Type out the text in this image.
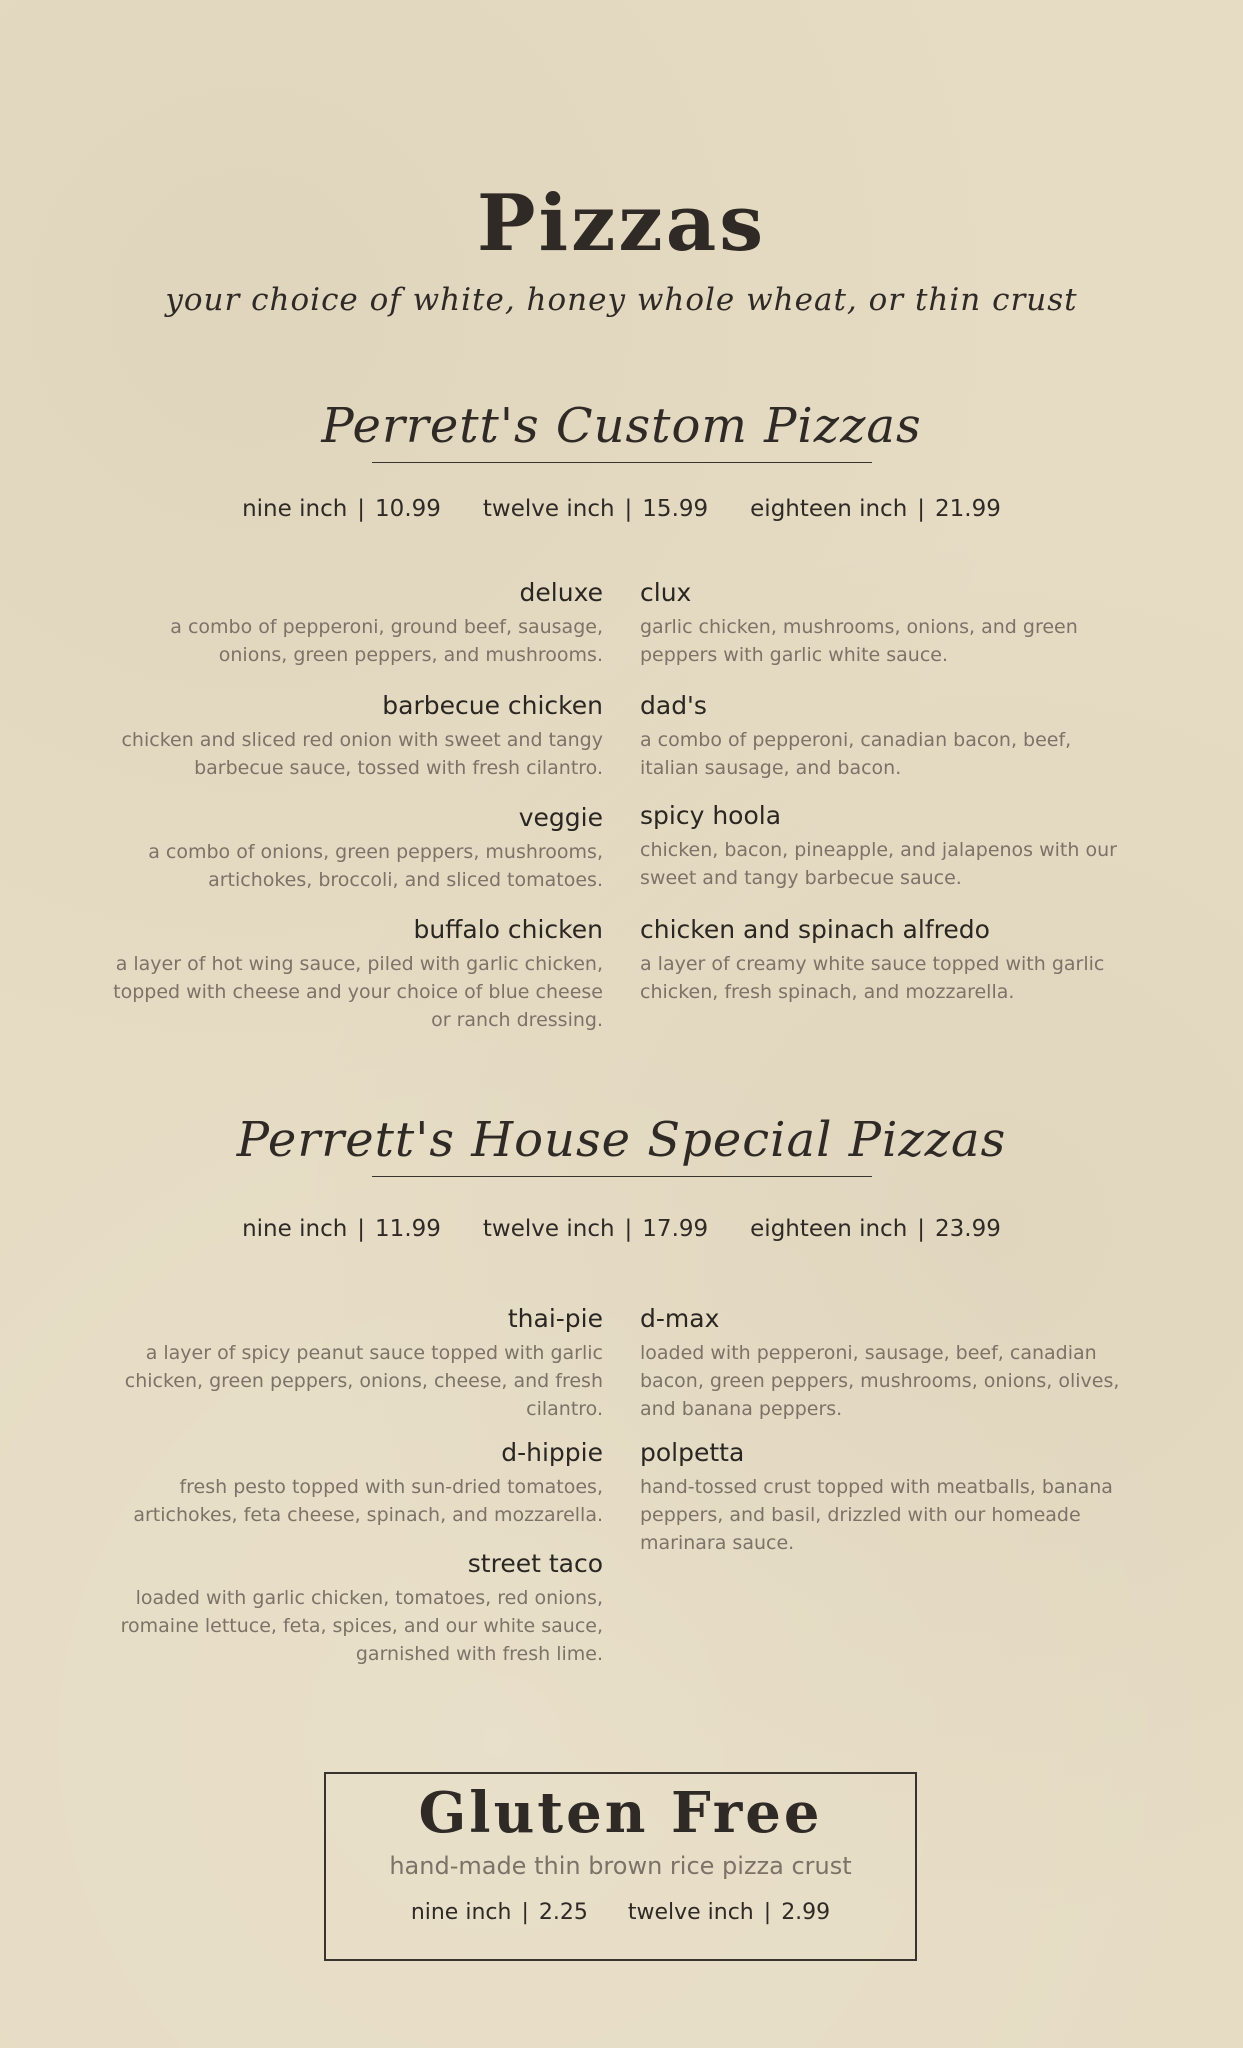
Pizzas
your choice of white, honey whole wheat, or thin crust
Perrett's Custom Pizzas
nine inch | 10.99 twelve inch | 15.99 eighteen inch | 21.99
deluxe
a combo of pepperoni, ground beef, sausage, onions, green peppers, and mushrooms.
barbecue chicken
chicken and sliced red onion with sweet and tangy barbecue sauce, tossed with fresh cilantro.
veggie
a combo of onions, green peppers, mushrooms, artichokes, broccoli, and sliced tomatoes.
buffalo chicken
a layer of hot wing sauce, piled with garlic chicken, topped with cheese and your choice of blue cheese or ranch dressing.
clux
garlic chicken, mushrooms, onions, and green peppers with garlic white sauce.
dad's
a combo of pepperoni, canadian bacon, beef, italian sausage, and bacon.
spicy hoola
chicken, bacon, pineapple, and jalapenos with our sweet and tangy barbecue sauce.
chicken and spinach alfredo
a layer of creamy white sauce topped with garlic chicken, fresh spinach, and mozzarella.
Perrett's House Special Pizzas
nine inch | 11.99 twelve inch | 17.99 eighteen inch | 23.99
thai-pie
a layer of spicy peanut sauce topped with garlic chicken, green peppers, onions, cheese, and fresh cilantro.
d-hippie
fresh pesto topped with sun-dried tomatoes, artichokes, feta cheese, spinach, and mozzarella.
street taco
loaded with garlic chicken, tomatoes, red onions, romaine lettuce, feta, spices, and our white sauce, garnished with fresh lime.
d-max
loaded with pepperoni, sausage, beef, canadian bacon, green peppers, mushrooms, onions, olives, and banana peppers.
polpetta
hand-tossed crust topped with meatballs, banana peppers, and basil, drizzled with our homeade marinara sauce.
Gluten Free
hand-made thin brown rice pizza crust
nine inch | 2.25 twelve inch | 2.99
